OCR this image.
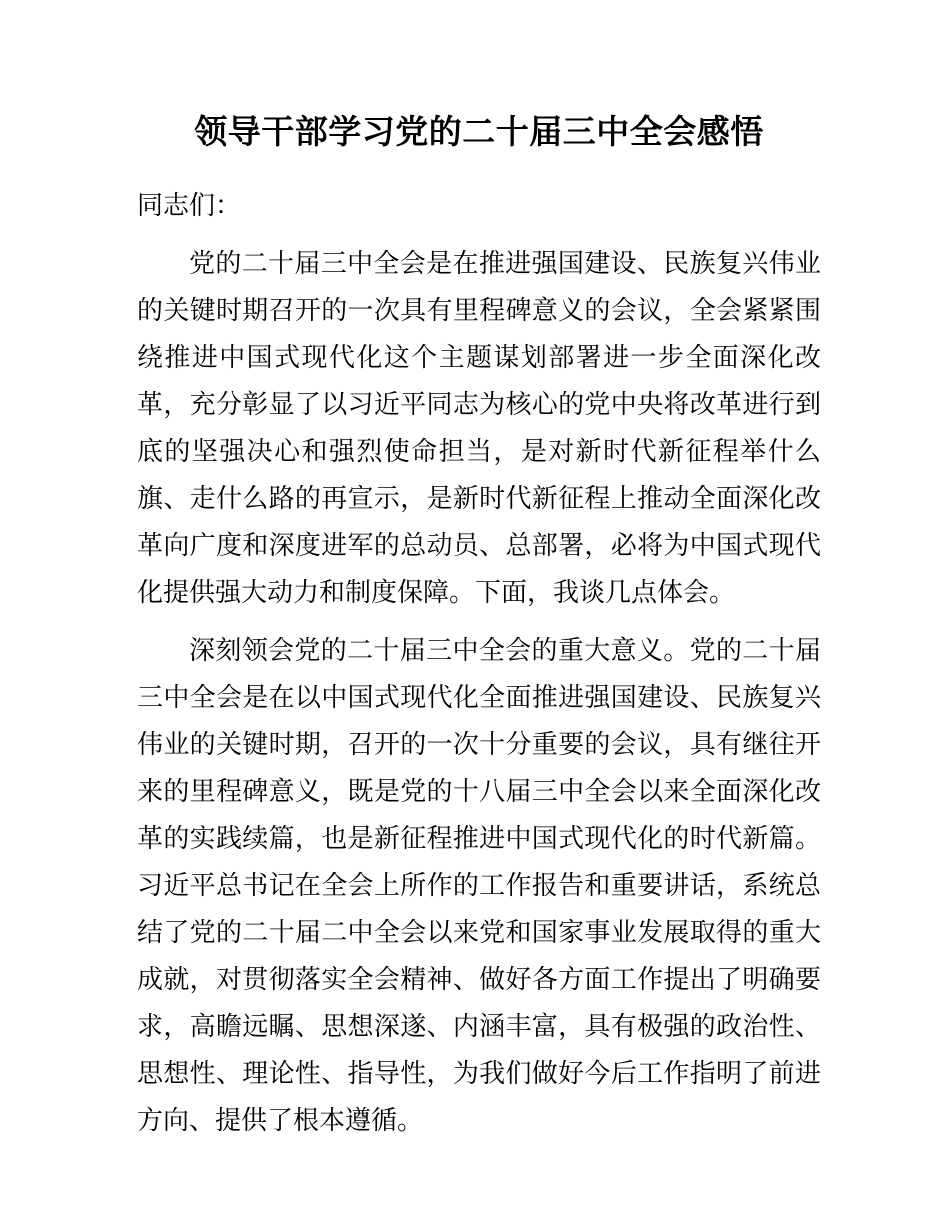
领导干部学习党的二十届三中全会感悟

同志们：

党的二十届三中全会是在推进强国建设、民族复兴伟业的关键时期召开的一次具有里程碑意义的会议，全会紧紧围绕推进中国式现代化这个主题谋划部署进一步全面深化改革，充分彰显了以习近平同志为核心的党中央将改革进行到底的坚强决心和强烈使命担当，是对新时代新征程举什么旗、走什么路的再宣示，是新时代新征程上推动全面深化改革向广度和深度进军的总动员、总部署，必将为中国式现代化提供强大动力和制度保障。下面，我谈几点体会。

深刻领会党的二十届三中全会的重大意义。党的二十届三中全会是在以中国式现代化全面推进强国建设、民族复兴伟业的关键时期，召开的一次十分重要的会议，具有继往开来的里程碑意义，既是党的十八届三中全会以来全面深化改革的实践续篇，也是新征程推进中国式现代化的时代新篇。习近平总书记在全会上所作的工作报告和重要讲话，系统总结了党的二十届二中全会以来党和国家事业发展取得的重大成就，对贯彻落实全会精神、做好各方面工作提出了明确要求，高瞻远瞩、思想深遂、内涵丰富，具有极强的政治性、思想性、理论性、指导性，为我们做好今后工作指明了前进方向、提供了根本遵循。
